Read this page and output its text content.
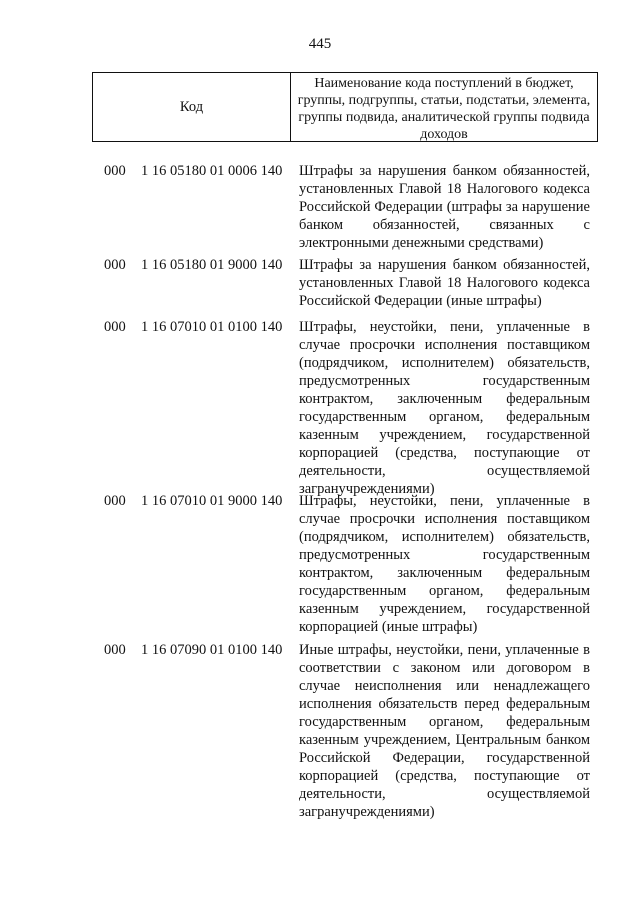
445
Код
Наименование кода поступлений в бюджет, группы, подгруппы, статьи, подстатьи, элемента, группы подвида, аналитической группы подвида доходов
000 1 16 05180 01 0006 140 Штрафы за нарушения банком обязанностей, установленных Главой 18 Налогового кодекса Российской Федерации (штрафы за нарушение банком обязанностей, связанных с электронными денежными средствами)
000 1 16 05180 01 9000 140 Штрафы за нарушения банком обязанностей, установленных Главой 18 Налогового кодекса Российской Федерации (иные штрафы)
000 1 16 07010 01 0100 140 Штрафы, неустойки, пени, уплаченные в случае просрочки исполнения поставщиком (подрядчиком, исполнителем) обязательств, предусмотренных государственным контрактом, заключенным федеральным государственным органом, федеральным казенным учреждением, государственной корпорацией (средства, поступающие от деятельности, осуществляемой загранучреждениями)
000 1 16 07010 01 9000 140 Штрафы, неустойки, пени, уплаченные в случае просрочки исполнения поставщиком (подрядчиком, исполнителем) обязательств, предусмотренных государственным контрактом, заключенным федеральным государственным органом, федеральным казенным учреждением, государственной корпорацией (иные штрафы)
000 1 16 07090 01 0100 140 Иные штрафы, неустойки, пени, уплаченные в соответствии с законом или договором в случае неисполнения или ненадлежащего исполнения обязательств перед федеральным государственным органом, федеральным казенным учреждением, Центральным банком Российской Федерации, государственной корпорацией (средства, поступающие от деятельности, осуществляемой загранучреждениями)
